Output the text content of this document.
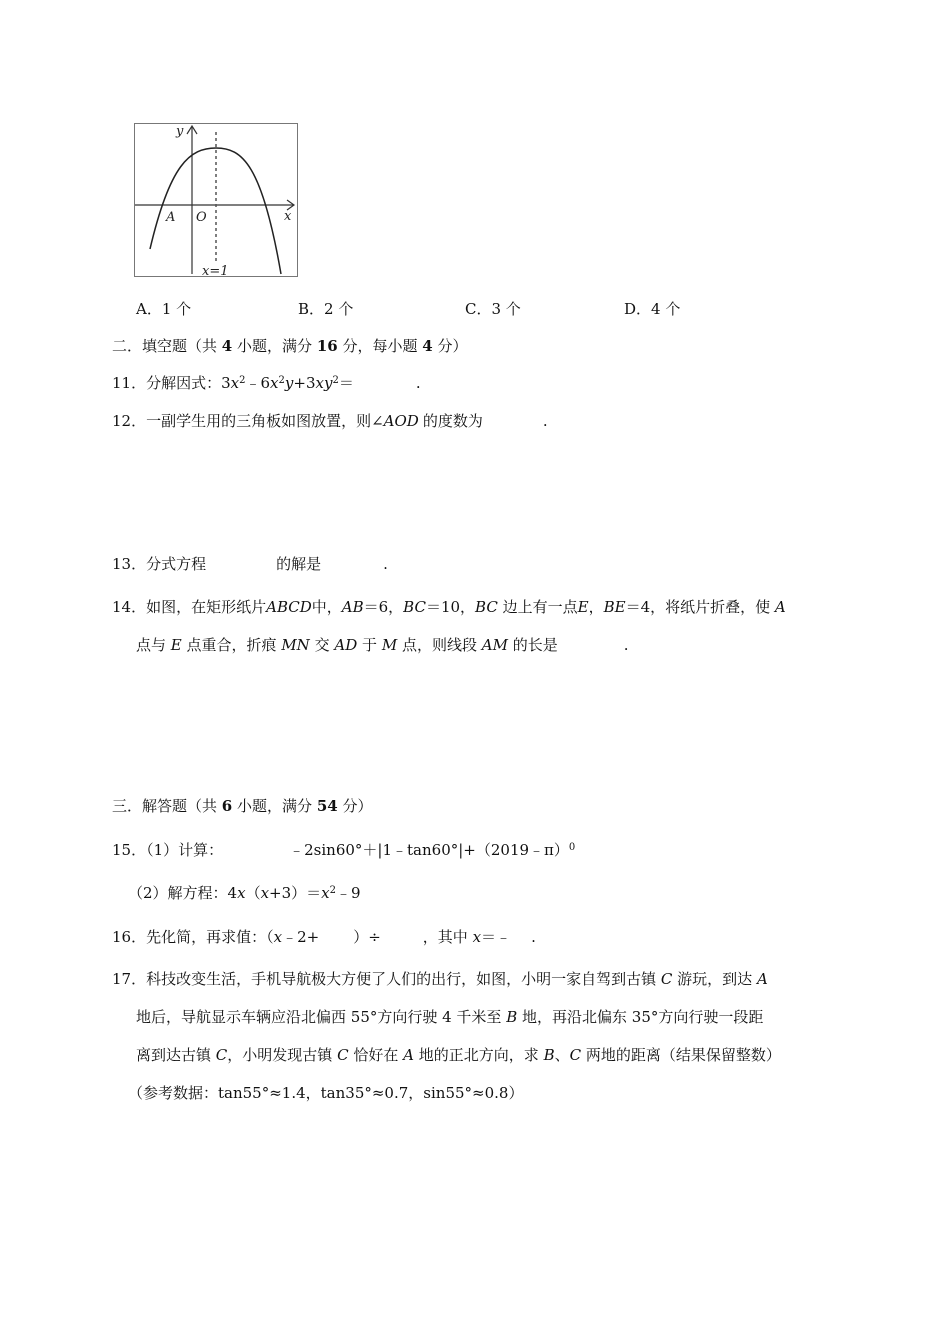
y
x
O
A
x=1
A．1 个	B．2 个	C．3 个	D．4 个
二．填空题（共 4 小题，满分 16 分，每小题 4 分）
11．分解因式：$3x^2﹣6x^2y+3xy^2=$	.
12．一副学生用的三角板如图放置，则∠AOD 的度数为	.
13．分式方程	的解是	.
14．如图，在矩形纸片ABCD中，AB＝6，BC＝10，BC 边上有一点E，BE＝4，将纸片折叠，使 A
点与 E 点重合，折痕 MN 交 AD 于 M 点，则线段 AM 的长是	.
三．解答题（共 6 小题，满分 54 分）
15．（1）计算：	﹣2sin60°＋|1﹣tan60°|+（2019﹣π）$^0$
（2）解方程：$4x(x+3)=x^2﹣9$
16．先化简，再求值：（x﹣2+ ）÷	，其中 x＝﹣ .
17．科技改变生活，手机导航极大方便了人们的出行，如图，小明一家自驾到古镇 C 游玩，到达 A
地后，导航显示车辆应沿北偏西 55°方向行驶 4 千米至 B 地，再沿北偏东 35°方向行驶一段距
离到达古镇 C，小明发现古镇 C 恰好在 A 地的正北方向，求 B、C 两地的距离（结果保留整数）
（参考数据：tan55°≈1.4，tan35°≈0.7，sin55°≈0.8）
